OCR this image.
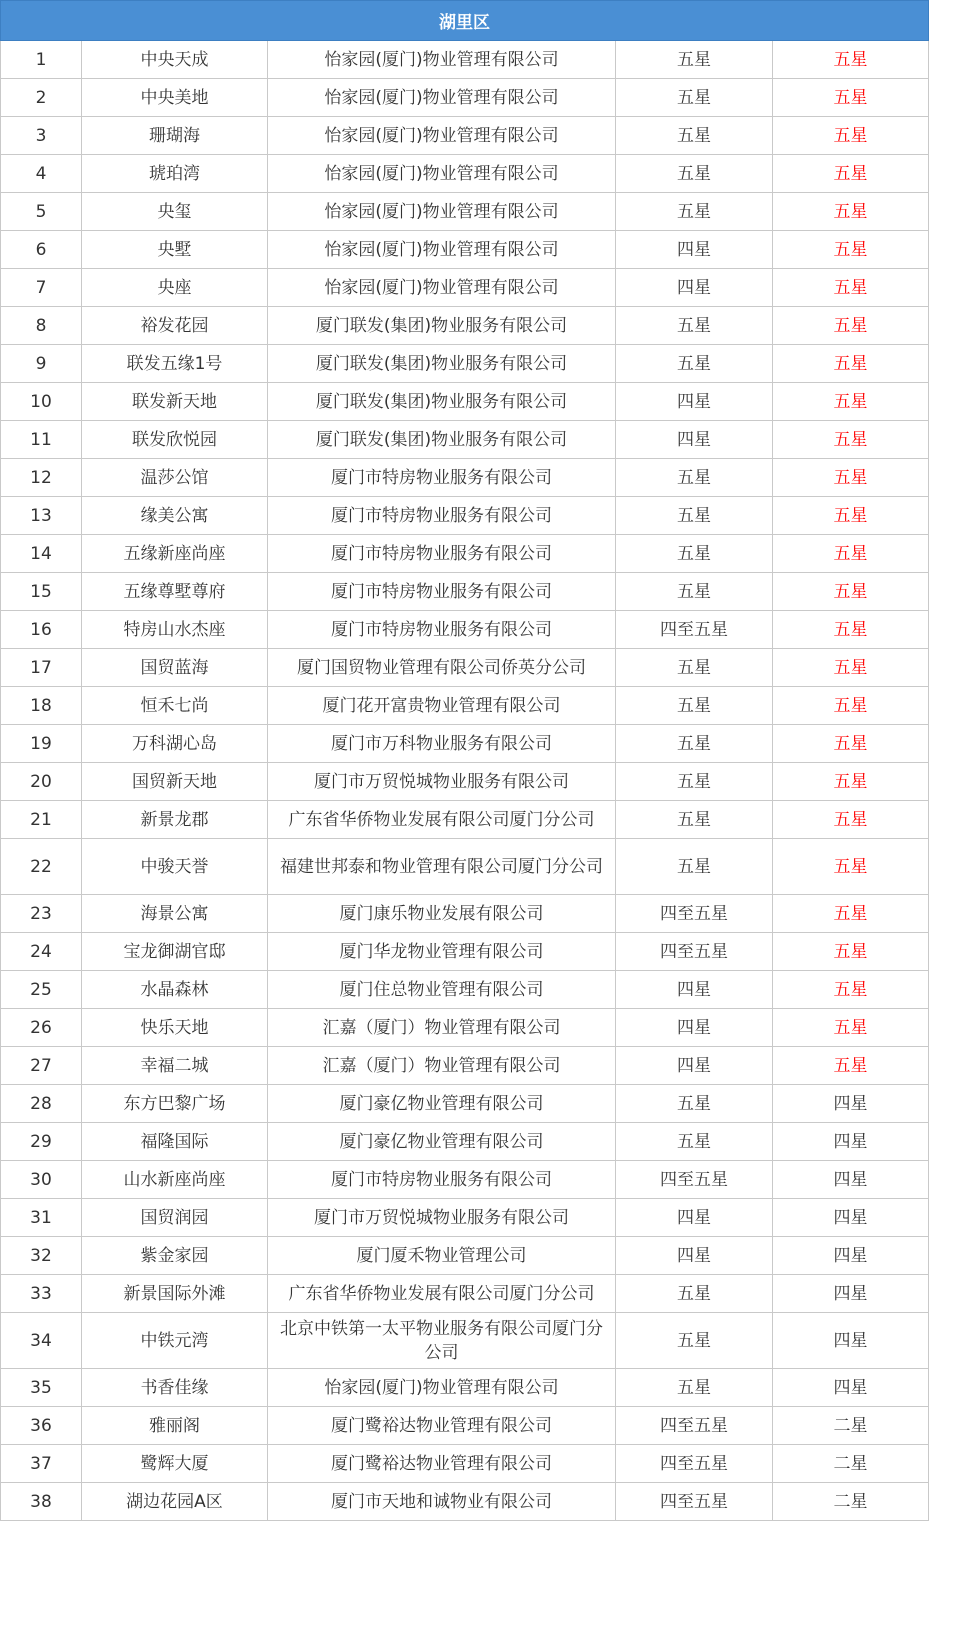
湖里区				
1	中央天成	怡家园(厦门)物业管理有限公司	五星	五星
2	中央美地	怡家园(厦门)物业管理有限公司	五星	五星
3	珊瑚海	怡家园(厦门)物业管理有限公司	五星	五星
4	琥珀湾	怡家园(厦门)物业管理有限公司	五星	五星
5	央玺	怡家园(厦门)物业管理有限公司	五星	五星
6	央墅	怡家园(厦门)物业管理有限公司	四星	五星
7	央座	怡家园(厦门)物业管理有限公司	四星	五星
8	裕发花园	厦门联发(集团)物业服务有限公司	五星	五星
9	联发五缘1号	厦门联发(集团)物业服务有限公司	五星	五星
10	联发新天地	厦门联发(集团)物业服务有限公司	四星	五星
11	联发欣悦园	厦门联发(集团)物业服务有限公司	四星	五星
12	温莎公馆	厦门市特房物业服务有限公司	五星	五星
13	缘美公寓	厦门市特房物业服务有限公司	五星	五星
14	五缘新座尚座	厦门市特房物业服务有限公司	五星	五星
15	五缘尊墅尊府	厦门市特房物业服务有限公司	五星	五星
16	特房山水杰座	厦门市特房物业服务有限公司	四至五星	五星
17	国贸蓝海	厦门国贸物业管理有限公司侨英分公司	五星	五星
18	恒禾七尚	厦门花开富贵物业管理有限公司	五星	五星
19	万科湖心岛	厦门市万科物业服务有限公司	五星	五星
20	国贸新天地	厦门市万贸悦城物业服务有限公司	五星	五星
21	新景龙郡	广东省华侨物业发展有限公司厦门分公司	五星	五星
22	中骏天誉	福建世邦泰和物业管理有限公司厦门分公司	五星	五星
23	海景公寓	厦门康乐物业发展有限公司	四至五星	五星
24	宝龙御湖官邸	厦门华龙物业管理有限公司	四至五星	五星
25	水晶森林	厦门住总物业管理有限公司	四星	五星
26	快乐天地	汇嘉（厦门）物业管理有限公司	四星	五星
27	幸福二城	汇嘉（厦门）物业管理有限公司	四星	五星
28	东方巴黎广场	厦门豪亿物业管理有限公司	五星	四星
29	福隆国际	厦门豪亿物业管理有限公司	五星	四星
30	山水新座尚座	厦门市特房物业服务有限公司	四至五星	四星
31	国贸润园	厦门市万贸悦城物业服务有限公司	四星	四星
32	紫金家园	厦门厦禾物业管理公司	四星	四星
33	新景国际外滩	广东省华侨物业发展有限公司厦门分公司	五星	四星
34	中铁元湾	北京中铁第一太平物业服务有限公司厦门分公司	五星	四星
35	书香佳缘	怡家园(厦门)物业管理有限公司	五星	四星
36	雅丽阁	厦门鹭裕达物业管理有限公司	四至五星	二星
37	鹭辉大厦	厦门鹭裕达物业管理有限公司	四至五星	二星
38	湖边花园A区	厦门市天地和诚物业有限公司	四至五星	二星
